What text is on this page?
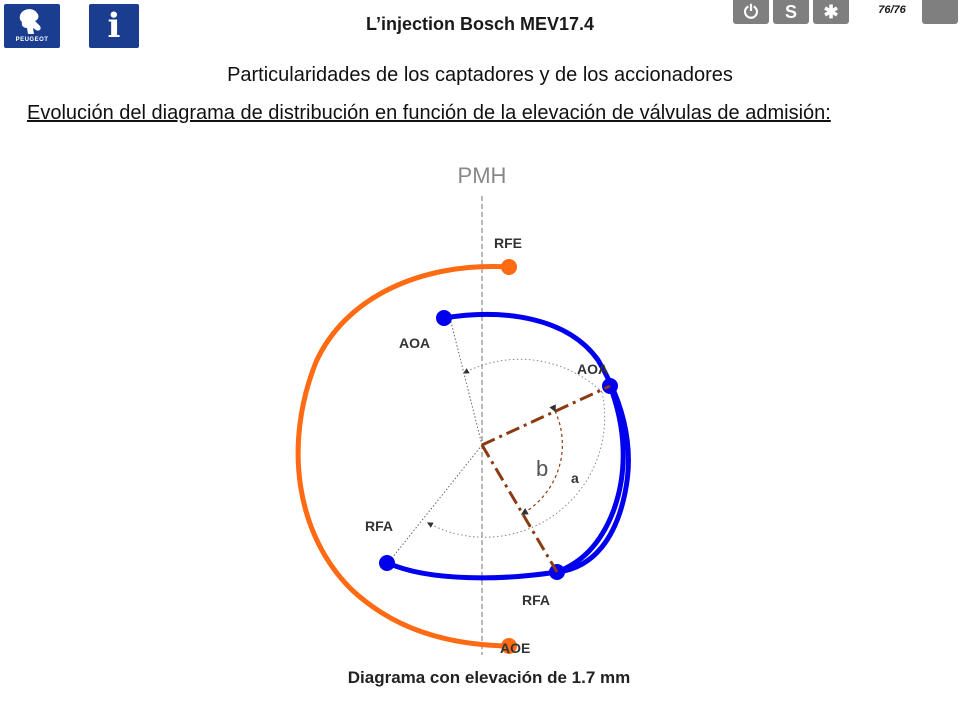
PEUGEOT	i	L’injection Bosch MEV17.4
⏻	S	✱	76/76
Particularidades de los captadores y de los accionadores
Evolución del diagrama de distribución en función de la elevación de válvulas de admisión:
PMH
RFE
AOA
AOA
RFA
RFA
AOE
b a
Diagrama con elevación de 1.7 mm
